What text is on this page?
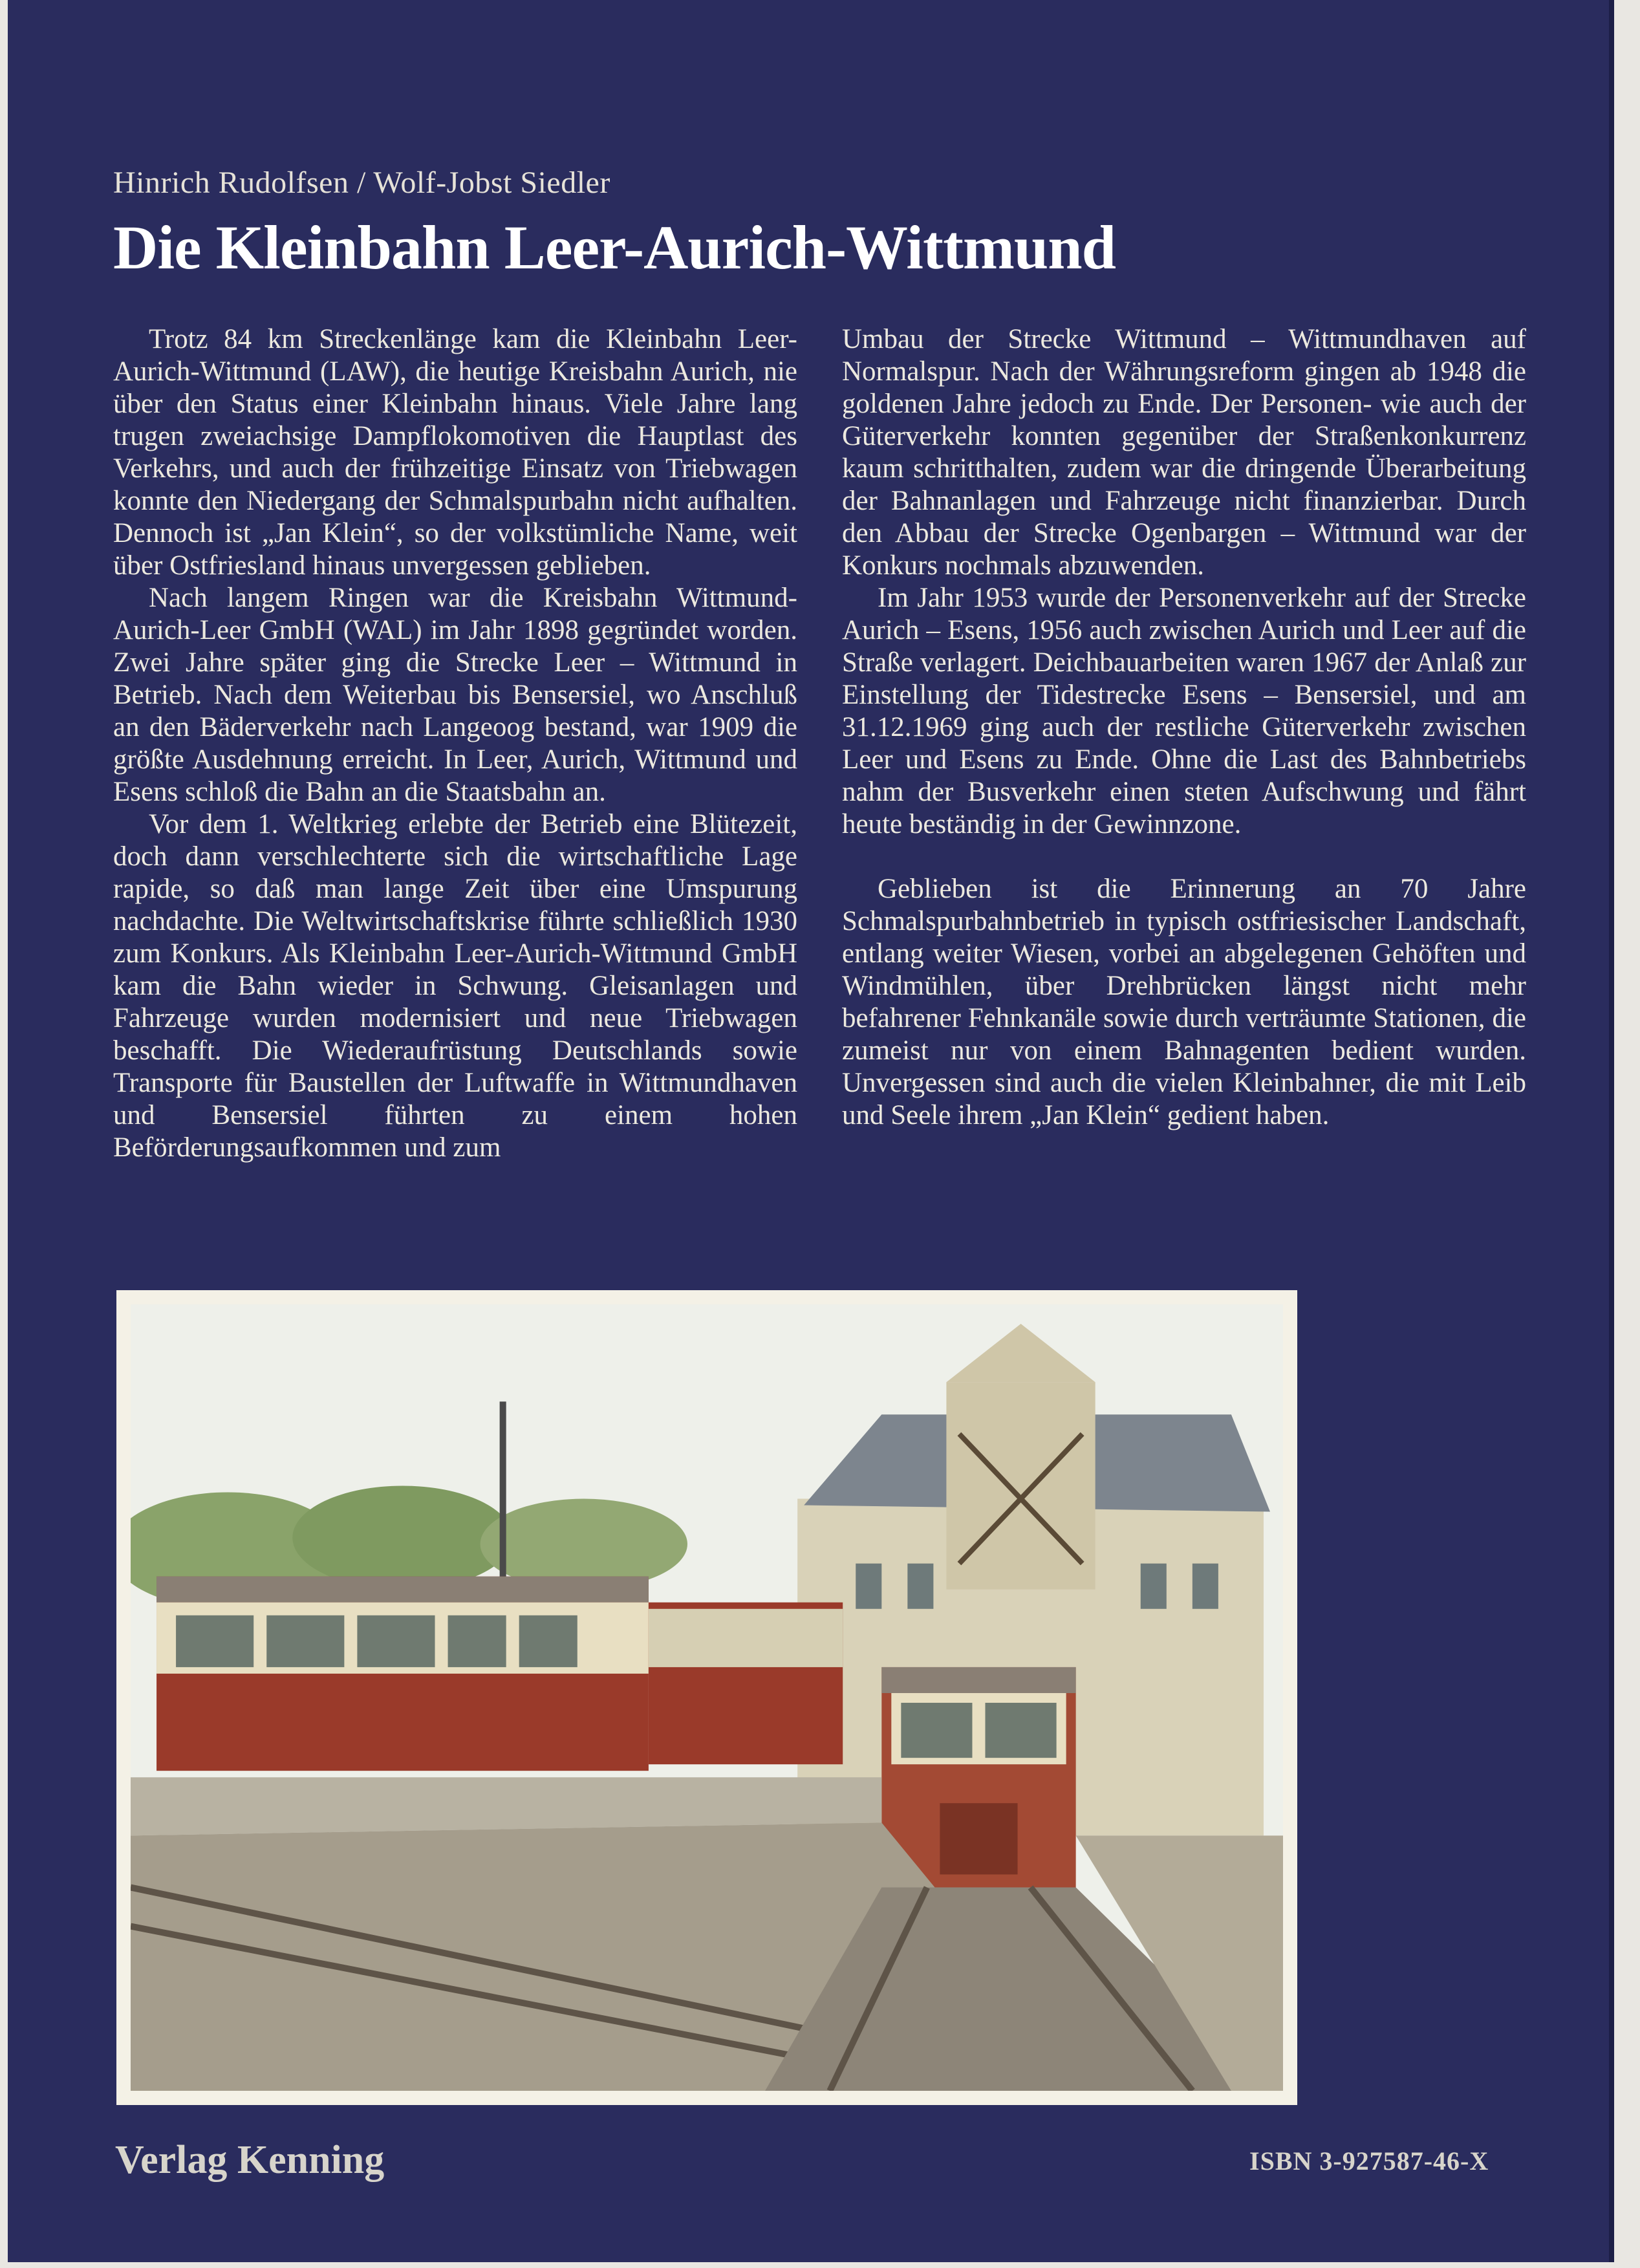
Hinrich Rudolfsen / Wolf-Jobst Siedler
Die Kleinbahn Leer-Aurich-Wittmund

Trotz 84 km Streckenlänge kam die Kleinbahn Leer-Aurich-Wittmund (LAW), die heutige Kreisbahn Aurich, nie über den Status einer Kleinbahn hinaus. Viele Jahre lang trugen zweiachsige Dampflokomotiven die Hauptlast des Verkehrs, und auch der frühzeitige Einsatz von Triebwagen konnte den Niedergang der Schmalspurbahn nicht aufhalten. Dennoch ist „Jan Klein“, so der volkstümliche Name, weit über Ostfriesland hinaus unvergessen geblieben.

Nach langem Ringen war die Kreisbahn Wittmund-Aurich-Leer GmbH (WAL) im Jahr 1898 gegründet worden. Zwei Jahre später ging die Strecke Leer – Wittmund in Betrieb. Nach dem Weiterbau bis Bensersiel, wo Anschluß an den Bäderverkehr nach Langeoog bestand, war 1909 die größte Ausdehnung erreicht. In Leer, Aurich, Wittmund und Esens schloß die Bahn an die Staatsbahn an.

Vor dem 1. Weltkrieg erlebte der Betrieb eine Blütezeit, doch dann verschlechterte sich die wirtschaftliche Lage rapide, so daß man lange Zeit über eine Umspurung nachdachte. Die Weltwirtschaftskrise führte schließlich 1930 zum Konkurs. Als Kleinbahn Leer-Aurich-Wittmund GmbH kam die Bahn wieder in Schwung. Gleisanlagen und Fahrzeuge wurden modernisiert und neue Triebwagen beschafft. Die Wiederaufrüstung Deutschlands sowie Transporte für Baustellen der Luftwaffe in Wittmundhaven und Bensersiel führten zu einem hohen Beförderungsaufkommen und zum

Umbau der Strecke Wittmund – Wittmundhaven auf Normalspur. Nach der Währungsreform gingen ab 1948 die goldenen Jahre jedoch zu Ende. Der Personen- wie auch der Güterverkehr konnten gegenüber der Straßenkonkurrenz kaum schritthalten, zudem war die dringende Überarbeitung der Bahnanlagen und Fahrzeuge nicht finanzierbar. Durch den Abbau der Strecke Ogenbargen – Wittmund war der Konkurs nochmals abzuwenden.

Im Jahr 1953 wurde der Personenverkehr auf der Strecke Aurich – Esens, 1956 auch zwischen Aurich und Leer auf die Straße verlagert. Deichbauarbeiten waren 1967 der Anlaß zur Einstellung der Tidestrecke Esens – Bensersiel, und am 31.12.1969 ging auch der restliche Güterverkehr zwischen Leer und Esens zu Ende. Ohne die Last des Bahnbetriebs nahm der Busverkehr einen steten Aufschwung und fährt heute beständig in der Gewinnzone.

Geblieben ist die Erinnerung an 70 Jahre Schmalspurbahnbetrieb in typisch ostfriesischer Landschaft, entlang weiter Wiesen, vorbei an abgelegenen Gehöften und Windmühlen, über Drehbrücken längst nicht mehr befahrener Fehnkanäle sowie durch verträumte Stationen, die zumeist nur von einem Bahnagenten bedient wurden. Unvergessen sind auch die vielen Kleinbahner, die mit Leib und Seele ihrem „Jan Klein“ gedient haben.

Verlag Kenning	ISBN 3-927587-46-X
